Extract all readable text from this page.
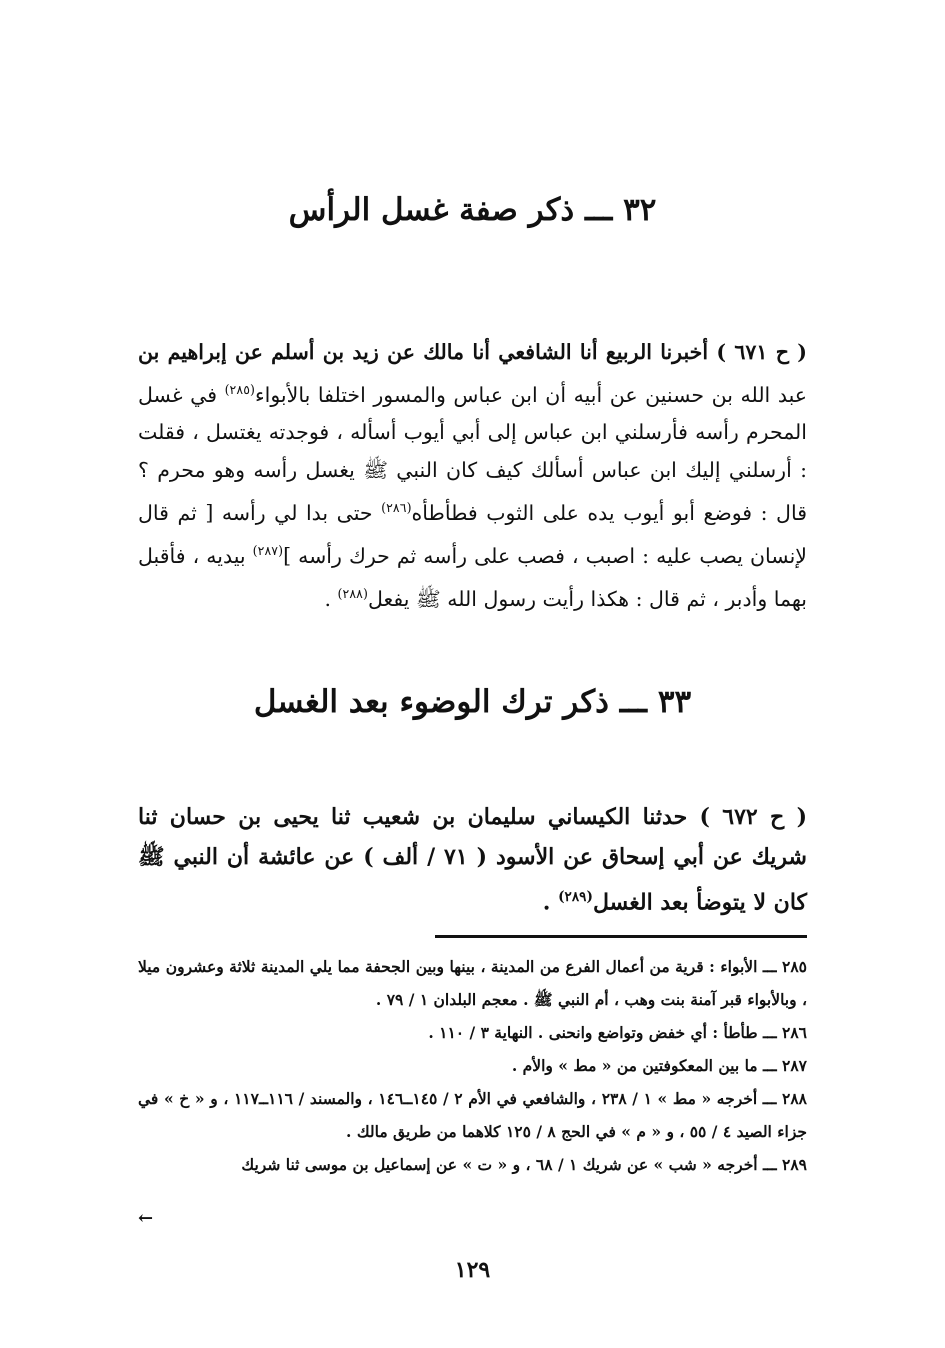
٣٢ ـــ ذكر صفة غسل الرأس

( ح ٦٧١ ) أخبرنا الربيع أنا الشافعي أنا مالك عن زيد بن أسلم عن إبراهيم بن عبد الله بن حسنين عن أبيه أن ابن عباس والمسور اختلفا بالأبواء$^{(٢٨٥)}$ في غسل المحرم رأسه فأرسلني ابن عباس إلى أبي أيوب أسأله ، فوجدته يغتسل ، فقلت : أرسلني إليك ابن عباس أسألك كيف كان النبي ﷺ يغسل رأسه وهو محرم ؟ قال : فوضع أبو أيوب يده على الثوب فطأطأه$^{(٢٨٦)}$ حتى بدا لي رأسه [ ثم قال لإنسان يصب عليه : اصبب ، فصب على رأسه ثم حرك رأسه ]$^{(٢٨٧)}$ بيديه ، فأقبل بهما وأدبر ، ثم قال : هكذا رأيت رسول الله ﷺ يفعل$^{(٢٨٨)}$ .

٣٣ ـــ ذكر ترك الوضوء بعد الغسل

( ح ٦٧٢ ) حدثنا الكيساني سليمان بن شعيب ثنا يحيى بن حسان ثنا شريك عن أبي إسحاق عن الأسود ( ٧١ / ألف ) عن عائشة أن النبي ﷺ كان لا يتوضأ بعد الغسل$^{(٢٨٩)}$ .

٢٨٥ ـــ الأبواء : قرية من أعمال الفرع من المدينة ، بينها وبين الجحفة مما يلي المدينة ثلاثة وعشرون ميلا ، وبالأبواء قبر آمنة بنت وهب ، أم النبي ﷺ . معجم البلدان ١ / ٧٩ .
٢٨٦ ـــ طأطأ : أي خفض وتواضع وانحنى . النهاية ٣ / ١١٠ .
٢٨٧ ـــ ما بين المعكوفتين من « مط » والأم .
٢٨٨ ـــ أخرجه « مط » ١ / ٢٣٨ ، والشافعي في الأم ٢ / ١٤٥ــ١٤٦ ، والمسند / ١١٦ــ١١٧ ، و « خ » في جزاء الصيد ٤ / ٥٥ ، و « م » في الحج ٨ / ١٢٥ كلاهما من طريق مالك .
٢٨٩ ـــ أخرجه « شب » عن شريك ١ / ٦٨ ، و « ت » عن إسماعيل بن موسى ثنا شريك
←
١٢٩
